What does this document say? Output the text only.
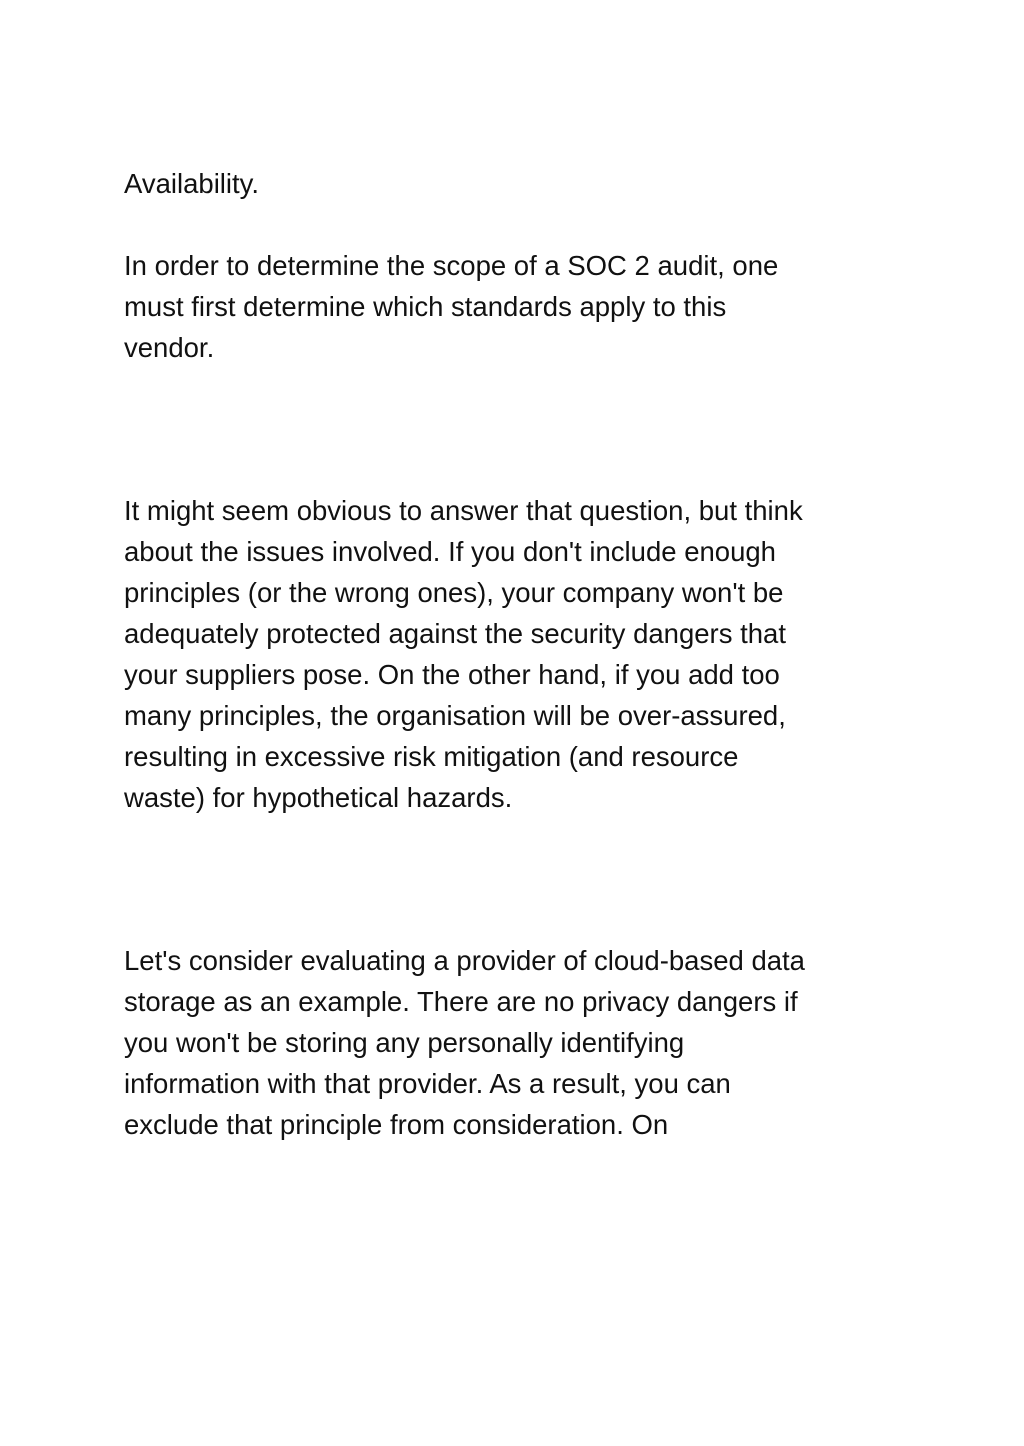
Availability.

In order to determine the scope of a SOC 2 audit, one
must first determine which standards apply to this
vendor.

It might seem obvious to answer that question, but think
about the issues involved. If you don't include enough
principles (or the wrong ones), your company won't be
adequately protected against the security dangers that
your suppliers pose. On the other hand, if you add too
many principles, the organisation will be over-assured,
resulting in excessive risk mitigation (and resource
waste) for hypothetical hazards.

Let's consider evaluating a provider of cloud-based data
storage as an example. There are no privacy dangers if
you won't be storing any personally identifying
information with that provider. As a result, you can
exclude that principle from consideration. On
